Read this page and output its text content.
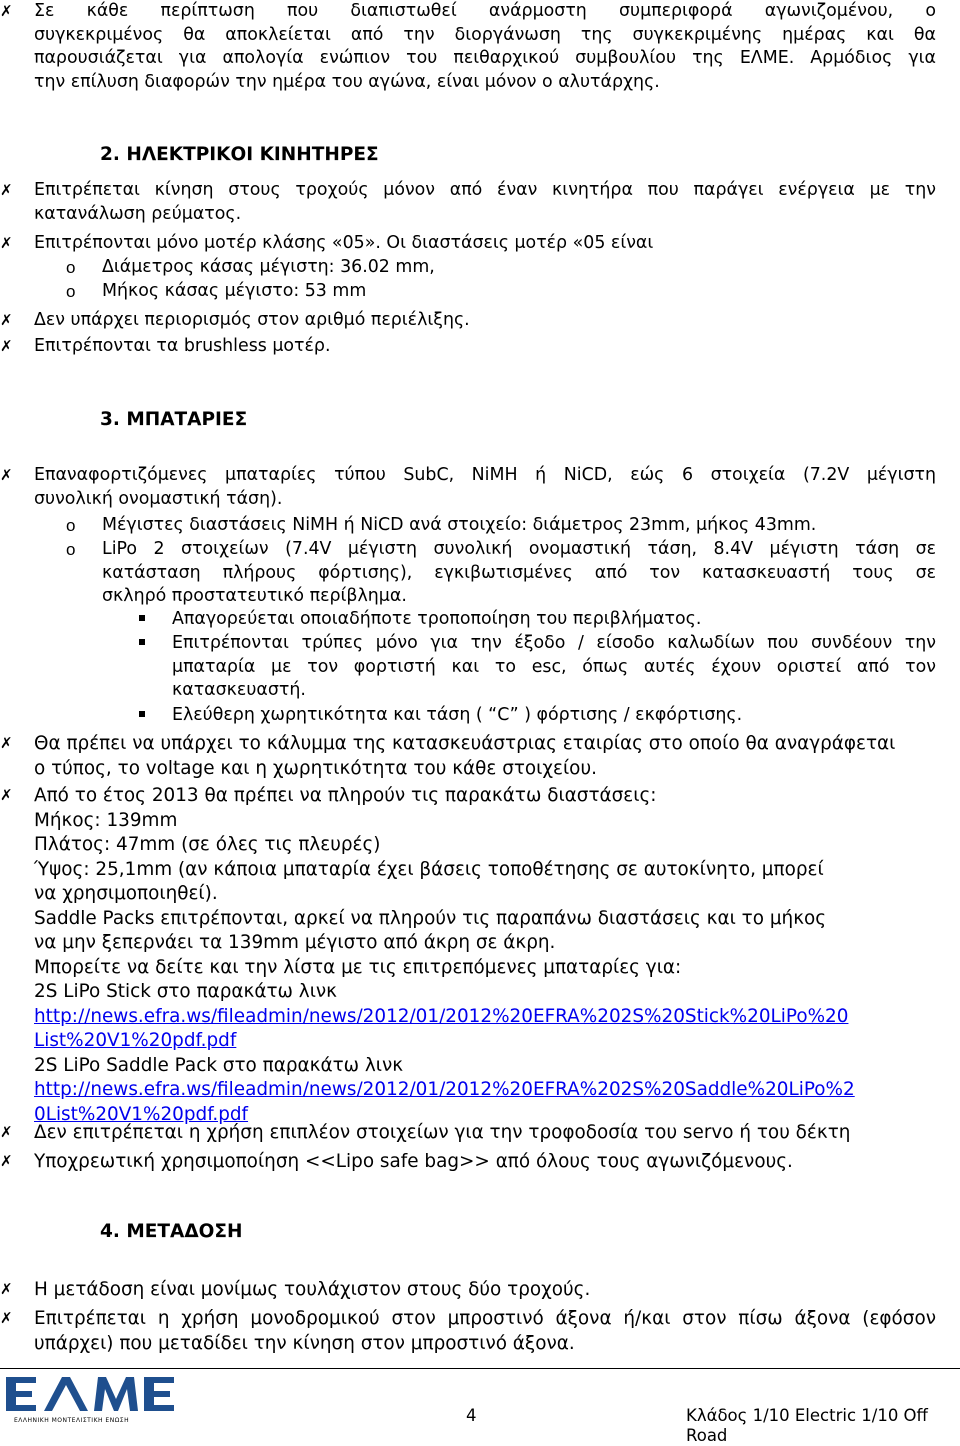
✗ Σε κάθε περίπτωση που διαπιστωθεί ανάρμοστη συμπεριφορά αγωνιζομένου, ο
συγκεκριμένος θα αποκλείεται από την διοργάνωση της συγκεκριμένης ημέρας και θα
παρουσιάζεται για απολογία ενώπιον του πειθαρχικού συμβουλίου της ΕΛΜΕ. Αρμόδιος για
την επίλυση διαφορών την ημέρα του αγώνα, είναι μόνον ο αλυτάρχης.
2. ΗΛΕΚΤΡΙΚΟΙ ΚΙΝΗΤΗΡΕΣ
✗ Επιτρέπεται κίνηση στους τροχούς μόνον από έναν κινητήρα που παράγει ενέργεια με την
κατανάλωση ρεύματος.
✗ Επιτρέπονται μόνο μοτέρ κλάσης «05». Οι διαστάσεις μοτέρ «05 είναι
o Διάμετρος κάσας μέγιστη: 36.02 mm,
o Μήκος κάσας μέγιστο: 53 mm
✗ Δεν υπάρχει περιορισμός στον αριθμό περιέλιξης.
✗ Επιτρέπονται τα brushless μοτέρ.
3. ΜΠΑΤΑΡΙΕΣ
✗ Επαναφορτιζόμενες μπαταρίες τύπου SubC, NiMH ή NiCD, εώς 6 στοιχεία (7.2V μέγιστη
συνολική ονομαστική τάση).
o Μέγιστες διαστάσεις NiMH ή NiCD ανά στοιχείο: διάμετρος 23mm, μήκος 43mm.
o LiPo 2 στοιχείων (7.4V μέγιστη συνολική ονομαστική τάση, 8.4V μέγιστη τάση σε
κατάσταση πλήρους φόρτισης), εγκιβωτισμένες από τον κατασκευαστή τους σε
σκληρό προστατευτικό περίβλημα.
Απαγορεύεται οποιαδήποτε τροποποίηση του περιβλήματος.
Επιτρέπονται τρύπες μόνο για την έξοδο / είσοδο καλωδίων που συνδέουν την
μπαταρία με τον φορτιστή και το esc, όπως αυτές έχουν οριστεί από τον
κατασκευαστή.
Ελεύθερη χωρητικότητα και τάση ( “C” ) φόρτισης / εκφόρτισης.
✗ Θα πρέπει να υπάρχει το κάλυμμα της κατασκευάστριας εταιρίας στο οποίο θα αναγράφεται
ο τύπος, το voltage και η χωρητικότητα του κάθε στοιχείου.
✗ Από το έτος 2013 θα πρέπει να πληρούν τις παρακάτω διαστάσεις:
Μήκος: 139mm
Πλάτος: 47mm (σε όλες τις πλευρές)
Ύψος: 25,1mm (αν κάποια μπαταρία έχει βάσεις τοποθέτησης σε αυτοκίνητο, μπορεί
να χρησιμοποιηθεί).
Saddle Packs επιτρέπονται, αρκεί να πληρούν τις παραπάνω διαστάσεις και το μήκος
να μην ξεπερνάει τα 139mm μέγιστο από άκρη σε άκρη.
Μπορείτε να δείτε και την λίστα με τις επιτρεπόμενες μπαταρίες για:
2S LiPo Stick στο παρακάτω λινκ
http://news.efra.ws/fileadmin/news/2012/01/2012%20EFRA%202S%20Stick%20LiPo%20
List%20V1%20pdf.pdf
2S LiPo Saddle Pack στο παρακάτω λινκ
http://news.efra.ws/fileadmin/news/2012/01/2012%20EFRA%202S%20Saddle%20LiPo%2
0List%20V1%20pdf.pdf
✗ Δεν επιτρέπεται η χρήση επιπλέον στοιχείων για την τροφοδοσία του servo ή του δέκτη
✗ Υποχρεωτική χρησιμοποίηση <<Lipo safe bag>> από όλους τους αγωνιζόμενους.
4. ΜΕΤΑΔΟΣΗ
✗ Η μετάδοση είναι μονίμως τουλάχιστον στους δύο τροχούς.
✗ Επιτρέπεται η χρήση μονοδρομικού στον μπροστινό άξονα ή/και στον πίσω άξονα (εφόσον
υπάρχει) που μεταδίδει την κίνηση στον μπροστινό άξονα.
ΕΛΛΗΝΙΚΗ ΜΟΝΤΕΛΙΣΤΙΚΗ ΕΝΩΣΗ	4	Κλάδος 1/10 Electric 1/10 Off Road
